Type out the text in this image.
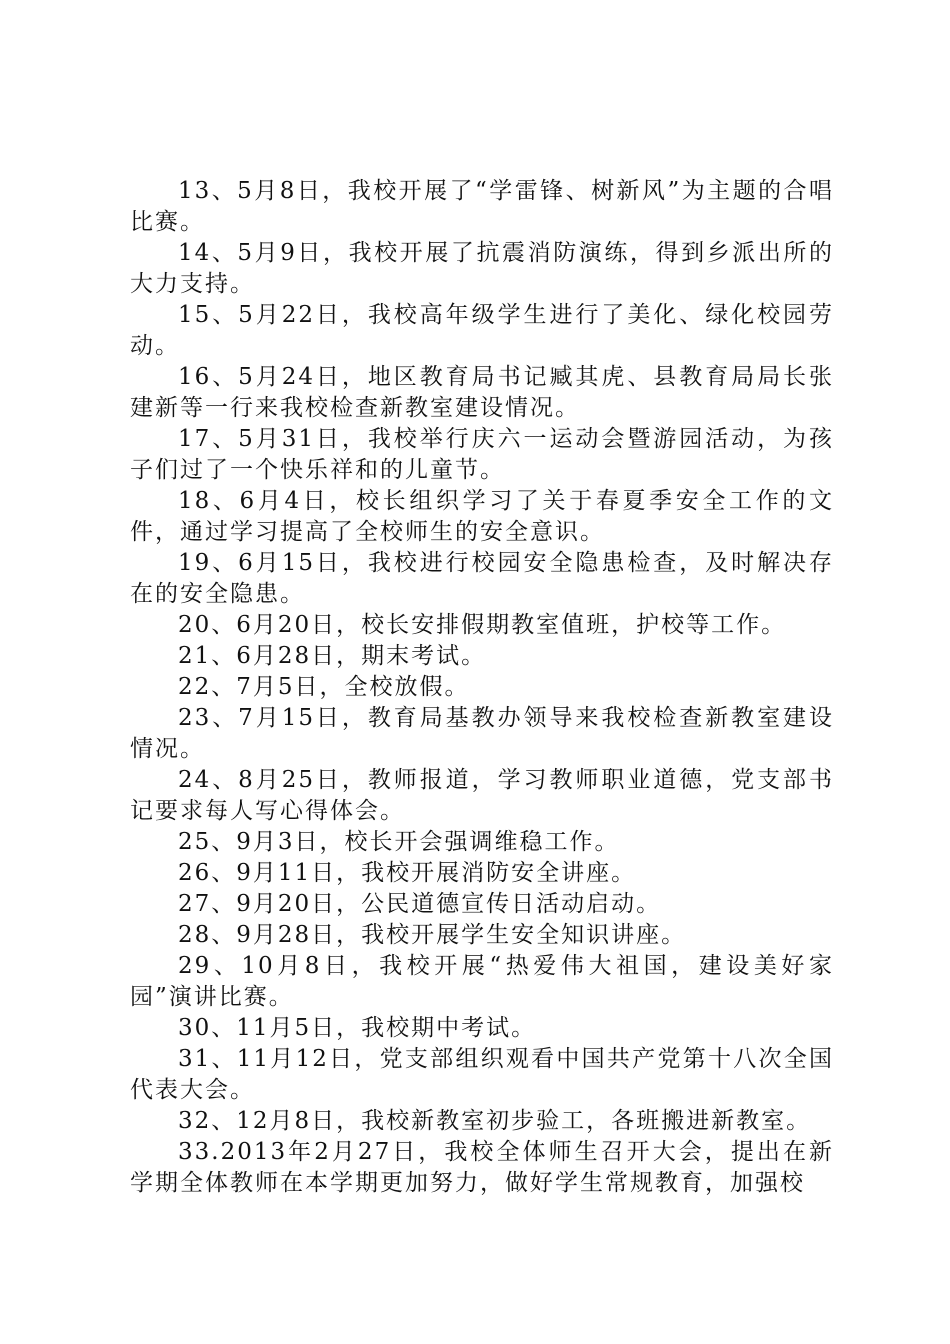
13、5月8日，我校开展了“学雷锋、树新风”为主题的合唱比赛。

14、5月9日，我校开展了抗震消防演练，得到乡派出所的大力支持。

15、5月22日，我校高年级学生进行了美化、绿化校园劳动。

16、5月24日，地区教育局书记臧其虎、县教育局局长张建新等一行来我校检查新教室建设情况。

17、5月31日，我校举行庆六一运动会暨游园活动，为孩子们过了一个快乐祥和的儿童节。

18、6月4日，校长组织学习了关于春夏季安全工作的文件，通过学习提高了全校师生的安全意识。

19、6月15日，我校进行校园安全隐患检查，及时解决存在的安全隐患。

20、6月20日，校长安排假期教室值班，护校等工作。

21、6月28日，期末考试。

22、7月5日，全校放假。

23、7月15日，教育局基教办领导来我校检查新教室建设情况。

24、8月25日，教师报道，学习教师职业道德，党支部书记要求每人写心得体会。

25、9月3日，校长开会强调维稳工作。

26、9月11日，我校开展消防安全讲座。

27、9月20日，公民道德宣传日活动启动。

28、9月28日，我校开展学生安全知识讲座。

29、10月8日，我校开展“热爱伟大祖国，建设美好家园”演讲比赛。

30、11月5日，我校期中考试。

31、11月12日，党支部组织观看中国共产党第十八次全国代表大会。

32、12月8日，我校新教室初步验工，各班搬进新教室。

33.2013年2月27日，我校全体师生召开大会，提出在新学期全体教师在本学期更加努力，做好学生常规教育，加强校
